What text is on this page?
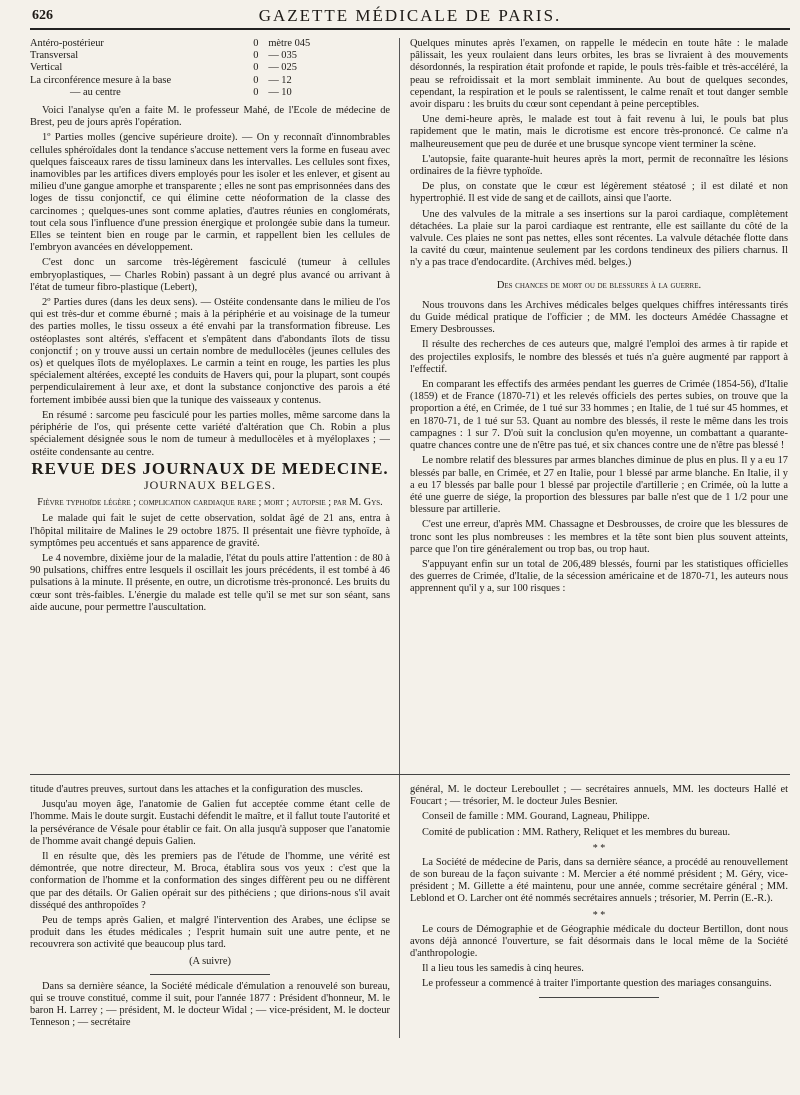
626	GAZETTE MÉDICALE DE PARIS.
Antéro-postérieur	0	mètre 045
Transversal	0	— 035
Vertical	0	— 025
La circonférence mesure à la base	0	— 12
— au centre	0	— 10

Voici l'analyse qu'en a faite M. le professeur Mahé, de l'Ecole de médecine de Brest, peu de jours après l'opération.

1º Parties molles (gencive supérieure droite). — On y reconnaît d'innombrables cellules sphéroïdales dont la tendance s'accuse nettement vers la forme en fuseau avec quelques faisceaux rares de tissu lamineux dans les intervalles. Les cellules sont fixes, inamovibles par les artifices divers employés pour les isoler et les enlever, et gisent au milieu d'une gangue amorphe et transparente ; elles ne sont pas emprisonnées dans des loges de tissu conjonctif, ce qui élimine cette néoformation de la classe des carcinomes ; quelques-unes sont comme aplaties, d'autres réunies en conglomérats, tout cela sous l'influence d'une pression énergique et prolongée subie dans la tumeur. Elles se teintent bien en rouge par le carmin, et rappellent bien les cellules de l'embryon avancées en développement.

C'est donc un sarcome très-légèrement fasciculé (tumeur à cellules embryoplastiques, — Charles Robin) passant à un degré plus avancé ou arrivant à l'état de tumeur fibro-plastique (Lebert),

2º Parties dures (dans les deux sens). — Ostéite condensante dans le milieu de l'os qui est très-dur et comme éburné ; mais à la périphérie et au voisinage de la tumeur des parties molles, le tissu osseux a été envahi par la transformation fibreuse. Les ostéoplastes sont altérés, s'effacent et s'empâtent dans d'abondants îlots de tissu conjonctif ; on y trouve aussi un certain nombre de medullocèles (jeunes cellules des os) et quelques îlots de myéloplaxes. Le carmin a teint en rouge, les parties les plus spécialement altérées, excepté les conduits de Havers qui, pour la plupart, sont coupés perpendiculairement à leur axe, et dont la substance conjonctive des parois a été fortement imbibée aussi bien que la tunique des vaisseaux y contenus.

En résumé : sarcome peu fasciculé pour les parties molles, même sarcome dans la périphérie de l'os, qui présente cette variété d'altération que Ch. Robin a plus spécialement désignée sous le nom de tumeur à medullocèles et à myéloplaxes ; — ostéite condensante au centre.

REVUE DES JOURNAUX DE MEDECINE.
JOURNAUX BELGES.
Fièvre typhoïde légère ; complication cardiaque rare ; mort ; autopsie ; par M. Gys.

Le malade qui fait le sujet de cette observation, soldat âgé de 21 ans, entra à l'hôpital militaire de Malines le 29 octobre 1875. Il présentait une fièvre typhoïde, à symptômes peu accentués et sans apparence de gravité.

Le 4 novembre, dixième jour de la maladie, l'état du pouls attire l'attention : de 80 à 90 pulsations, chiffres entre lesquels il oscillait les jours précédents, il est tombé à 46 pulsations à la minute. Il présente, en outre, un dicrotisme très-prononcé. Les bruits du cœur sont très-faibles. L'énergie du malade est telle qu'il se met sur son séant, sans aide aucune, pour permettre l'auscultation.

Quelques minutes après l'examen, on rappelle le médecin en toute hâte : le malade pâlissait, les yeux roulaient dans leurs orbites, les bras se livraient à des mouvements désordonnés, la respiration était profonde et rapide, le pouls très-faible et très-accéléré, la peau se refroidissait et la mort semblait imminente. Au bout de quelques secondes, cependant, la respiration et le pouls se ralentissent, le calme renaît et tout danger semble avoir disparu : les bruits du cœur sont cependant à peine perceptibles.

Une demi-heure après, le malade est tout à fait revenu à lui, le pouls bat plus rapidement que le matin, mais le dicrotisme est encore très-prononcé. Ce calme n'a malheureusement que peu de durée et une brusque syncope vient terminer la scène.

L'autopsie, faite quarante-huit heures après la mort, permit de reconnaître les lésions ordinaires de la fièvre typhoïde.

De plus, on constate que le cœur est légèrement stéatosé ; il est dilaté et non hypertrophié. Il est vide de sang et de caillots, ainsi que l'aorte.

Une des valvules de la mitrale a ses insertions sur la paroi cardiaque, complètement détachées. La plaie sur la paroi cardiaque est rentrante, elle est saillante du côté de la valvule. Ces plaies ne sont pas nettes, elles sont récentes. La valvule détachée flotte dans la cavité du cœur, maintenue seulement par les cordons tendineux des piliers charnus. Il n'y a pas trace d'endocardite. (Archives méd. belges.)

Des chances de mort ou de blessures à la guerre.

Nous trouvons dans les Archives médicales belges quelques chiffres intéressants tirés du Guide médical pratique de l'officier ; de MM. les docteurs Amédée Chassagne et Emery Desbrousses.

Il résulte des recherches de ces auteurs que, malgré l'emploi des armes à tir rapide et des projectiles explosifs, le nombre des blessés et tués n'a guère augmenté par rapport à l'effectif.

En comparant les effectifs des armées pendant les guerres de Crimée (1854-56), d'Italie (1859) et de France (1870-71) et les relevés officiels des pertes subies, on trouve que la proportion a été, en Crimée, de 1 tué sur 33 hommes ; en Italie, de 1 tué sur 45 hommes, et en 1870-71, de 1 tué sur 53. Quant au nombre des blessés, il reste le même dans les trois campagnes : 1 sur 7. D'où suit la conclusion qu'en moyenne, un combattant a quarante-quatre chances contre une de n'être pas tué, et six chances contre une de n'être pas blessé !

Le nombre relatif des blessures par armes blanches diminue de plus en plus. Il y a eu 17 blessés par balle, en Crimée, et 27 en Italie, pour 1 blessé par arme blanche. En Italie, il y a eu 17 blessés par balle pour 1 blessé par projectile d'artillerie ; en Crimée, où la lutte a été une guerre de siége, la proportion des blessures par balle n'est que de 1 1/2 pour une blessure par artillerie.

C'est une erreur, d'après MM. Chassagne et Desbrousses, de croire que les blessures de tronc sont les plus nombreuses : les membres et la tête sont bien plus souvent atteints, parce que l'on tire généralement ou trop bas, ou trop haut.

S'appuyant enfin sur un total de 206,489 blessés, fourni par les statistiques officielles des guerres de Crimée, d'Italie, de la sécession américaine et de 1870-71, les auteurs nous apprennent qu'il y a, sur 100 risques :

titude d'autres preuves, surtout dans les attaches et la configuration des muscles.

Jusqu'au moyen âge, l'anatomie de Galien fut acceptée comme étant celle de l'homme. Mais le doute surgit. Eustachi défendit le maître, et il fallut toute l'autorité et la persévérance de Vésale pour établir ce fait. On alla jusqu'à supposer que l'anatomie de l'homme avait changé depuis Galien.

Il en résulte que, dès les premiers pas de l'étude de l'homme, une vérité est démontrée, que notre directeur, M. Broca, établira sous vos yeux : c'est que la conformation de l'homme et la conformation des singes diffèrent peu ou ne diffèrent que par des détails. Or Galien opérait sur des pithéciens ; que dirions-nous s'il avait disséqué des anthropoïdes ?

Peu de temps après Galien, et malgré l'intervention des Arabes, une éclipse se produit dans les études médicales ; l'esprit humain suit une autre pente, et ne recouvrera son activité que beaucoup plus tard.

(A suivre)

Dans sa dernière séance, la Société médicale d'émulation a renouvelé son bureau, qui se trouve constitué, comme il suit, pour l'année 1877 : Président d'honneur, M. le baron H. Larrey ; — président, M. le docteur Widal ; — vice-président, M. le docteur Tenneson ; — secrétaire

général, M. le docteur Lereboullet ; — secrétaires annuels, MM. les docteurs Hallé et Foucart ; — trésorier, M. le docteur Jules Besnier.

Conseil de famille : MM. Gourand, Lagneau, Philippe.

Comité de publication : MM. Rathery, Reliquet et les membres du bureau.

* *

La Société de médecine de Paris, dans sa dernière séance, a procédé au renouvellement de son bureau de la façon suivante : M. Mercier a été nommé président ; M. Géry, vice-président ; M. Gillette a été maintenu, pour une année, comme secrétaire général ; MM. Leblond et O. Larcher ont été nommés secrétaires annuels ; trésorier, M. Perrin (E.-R.).

* *

Le cours de Démographie et de Géographie médicale du docteur Bertillon, dont nous avons déjà annoncé l'ouverture, se fait désormais dans le local même de la Société d'anthropologie.

Il a lieu tous les samedis à cinq heures.

Le professeur a commencé à traiter l'importante question des mariages consanguins.
